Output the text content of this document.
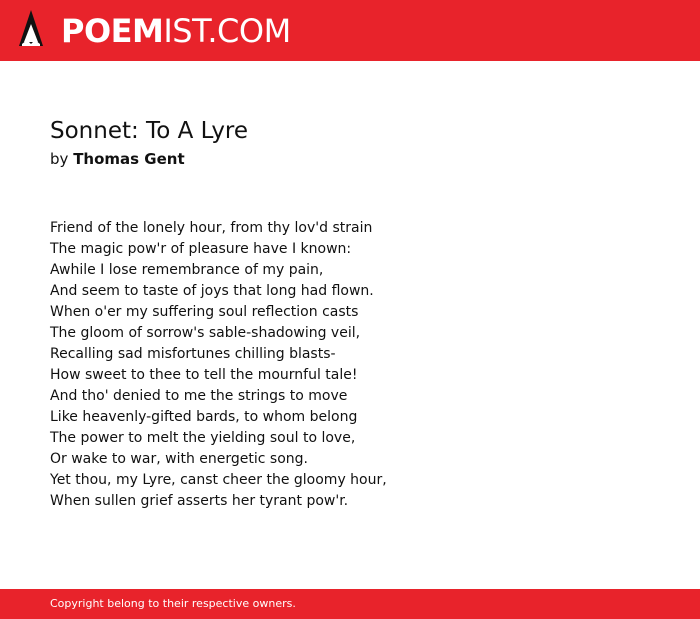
POEMIST.COM
Sonnet: To A Lyre
by Thomas Gent
Friend of the lonely hour, from thy lov'd strain
The magic pow'r of pleasure have I known:
Awhile I lose remembrance of my pain,
And seem to taste of joys that long had flown.
When o'er my suffering soul reflection casts
The gloom of sorrow's sable-shadowing veil,
Recalling sad misfortunes chilling blasts-
How sweet to thee to tell the mournful tale!
And tho' denied to me the strings to move
Like heavenly-gifted bards, to whom belong
The power to melt the yielding soul to love,
Or wake to war, with energetic song.
Yet thou, my Lyre, canst cheer the gloomy hour,
When sullen grief asserts her tyrant pow'r.
Copyright belong to their respective owners.
